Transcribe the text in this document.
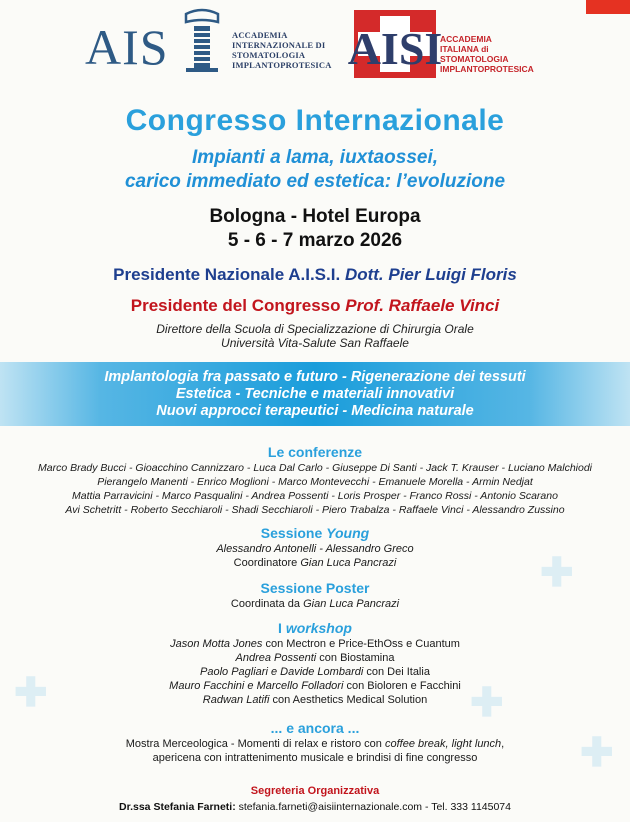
AIS	ACCADEMIA
INTERNAZIONALE DI
STOMATOLOGIA
IMPLANTOPROTESICA AISI
ACCADEMIA
ITALIANA di
STOMATOLOGIA
IMPLANTOPROTESICA
Congresso Internazionale
Impianti a lama, iuxtaossei,
carico immediato ed estetica: l’evoluzione
Bologna - Hotel Europa
5 - 6 - 7 marzo 2026
Presidente Nazionale A.I.S.I. Dott. Pier Luigi Floris
Presidente del Congresso Prof. Raffaele Vinci
Direttore della Scuola di Specializzazione di Chirurgia Orale
Università Vita-Salute San Raffaele
Implantologia fra passato e futuro - Rigenerazione dei tessuti
Estetica - Tecniche e materiali innovativi
Nuovi approcci terapeutici - Medicina naturale
✚
✚	✚
✚
Le conferenze
Marco Brady Bucci - Gioacchino Cannizzaro - Luca Dal Carlo - Giuseppe Di Santi - Jack T. Krauser - Luciano Malchiodi
Pierangelo Manenti - Enrico Moglioni - Marco Montevecchi - Emanuele Morella - Armin Nedjat
Mattia Parravicini - Marco Pasqualini - Andrea Possenti - Loris Prosper - Franco Rossi - Antonio Scarano
Avi Schetritt - Roberto Secchiaroli - Shadi Secchiaroli - Piero Trabalza - Raffaele Vinci - Alessandro Zussino
Sessione Young
Alessandro Antonelli - Alessandro Greco
Coordinatore Gian Luca Pancrazi
Sessione Poster
Coordinata da Gian Luca Pancrazi
I workshop
Jason Motta Jones con Mectron e Price-EthOss e Cuantum
Andrea Possenti con Biostamina
Paolo Pagliari e Davide Lombardi con Dei Italia
Mauro Facchini e Marcello Folladori con Bioloren e Facchini
Radwan Latifi con Aesthetics Medical Solution
... e ancora ...
Mostra Merceologica - Momenti di relax e ristoro con coffee break, light lunch,
apericena con intrattenimento musicale e brindisi di fine congresso
Segreteria Organizzativa
Dr.ssa Stefania Farneti: stefania.farneti@aisiinternazionale.com - Tel. 333 1145074
